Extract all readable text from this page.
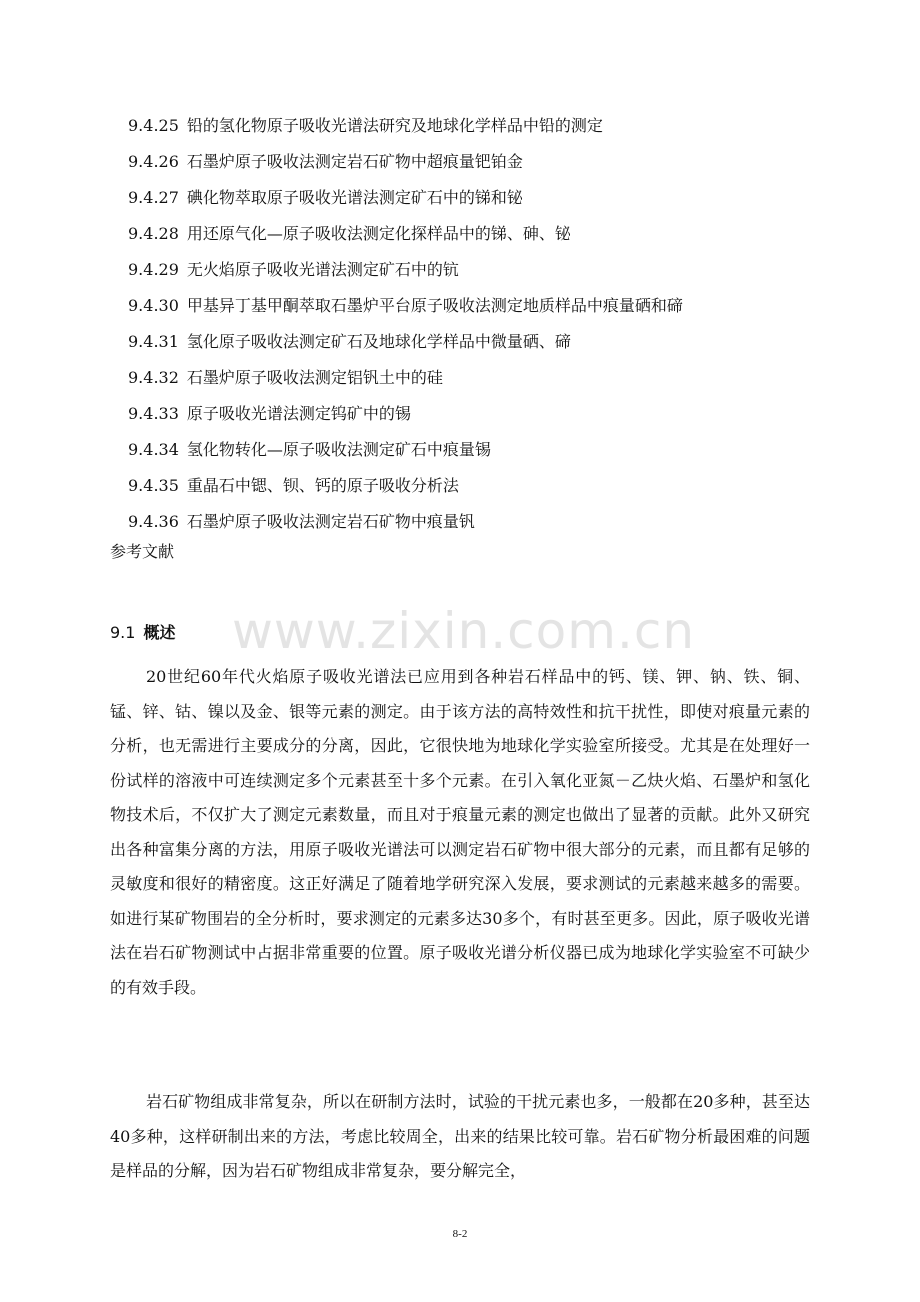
9.4.25 铅的氢化物原子吸收光谱法研究及地球化学样品中铅的测定
9.4.26 石墨炉原子吸收法测定岩石矿物中超痕量钯铂金
9.4.27 碘化物萃取原子吸收光谱法测定矿石中的锑和铋
9.4.28 用还原气化—原子吸收法测定化探样品中的锑、砷、铋
9.4.29 无火焰原子吸收光谱法测定矿石中的钪
9.4.30 甲基异丁基甲酮萃取石墨炉平台原子吸收法测定地质样品中痕量硒和碲
9.4.31 氢化原子吸收法测定矿石及地球化学样品中微量硒、碲
9.4.32 石墨炉原子吸收法测定铝钒土中的硅
9.4.33 原子吸收光谱法测定钨矿中的锡
9.4.34 氢化物转化—原子吸收法测定矿石中痕量锡
9.4.35 重晶石中锶、钡、钙的原子吸收分析法
9.4.36 石墨炉原子吸收法测定岩石矿物中痕量钒
参考文献
www.zixin.com.cn
9.1 概述

20世纪60年代火焰原子吸收光谱法已应用到各种岩石样品中的钙、镁、钾、钠、铁、铜、锰、锌、钴、镍以及金、银等元素的测定。由于该方法的高特效性和抗干扰性，即使对痕量元素的分析，也无需进行主要成分的分离，因此，它很快地为地球化学实验室所接受。尤其是在处理好一份试样的溶液中可连续测定多个元素甚至十多个元素。在引入氧化亚氮－乙炔火焰、石墨炉和氢化物技术后，不仅扩大了测定元素数量，而且对于痕量元素的测定也做出了显著的贡献。此外又研究出各种富集分离的方法，用原子吸收光谱法可以测定岩石矿物中很大部分的元素，而且都有足够的灵敏度和很好的精密度。这正好满足了随着地学研究深入发展，要求测试的元素越来越多的需要。如进行某矿物围岩的全分析时，要求测定的元素多达30多个，有时甚至更多。因此，原子吸收光谱法在岩石矿物测试中占据非常重要的位置。原子吸收光谱分析仪器已成为地球化学实验室不可缺少的有效手段。

岩石矿物组成非常复杂，所以在研制方法时，试验的干扰元素也多，一般都在20多种，甚至达40多种，这样研制出来的方法，考虑比较周全，出来的结果比较可靠。岩石矿物分析最困难的问题是样品的分解，因为岩石矿物组成非常复杂，要分解完全，

8-2
